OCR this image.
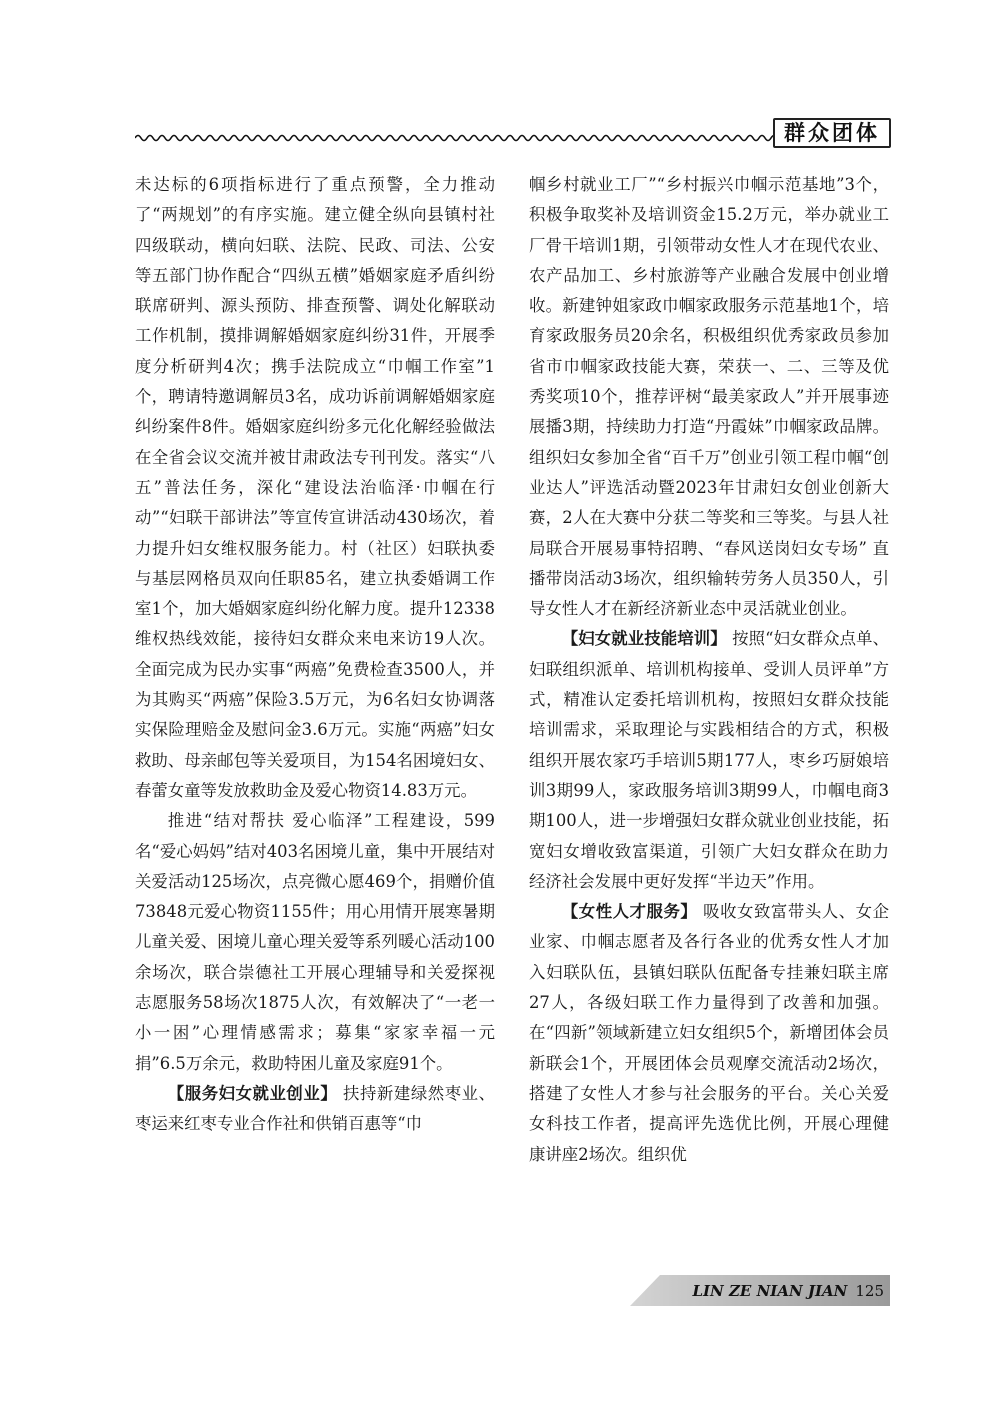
群众团体

未达标的6项指标进行了重点预警，全力推动了“两规划”的有序实施。建立健全纵向县镇村社四级联动，横向妇联、法院、民政、司法、公安等五部门协作配合“四纵五横”婚姻家庭矛盾纠纷联席研判、源头预防、排查预警、调处化解联动工作机制，摸排调解婚姻家庭纠纷31件，开展季度分析研判4次；携手法院成立“巾帼工作室”1个，聘请特邀调解员3名，成功诉前调解婚姻家庭纠纷案件8件。婚姻家庭纠纷多元化化解经验做法在全省会议交流并被甘肃政法专刊刊发。落实“八五”普法任务，深化“建设法治临泽·巾帼在行动”“妇联干部讲法”等宣传宣讲活动430场次，着力提升妇女维权服务能力。村（社区）妇联执委与基层网格员双向任职85名，建立执委婚调工作室1个，加大婚姻家庭纠纷化解力度。提升12338维权热线效能，接待妇女群众来电来访19人次。全面完成为民办实事“两癌”免费检查3500人，并为其购买“两癌”保险3.5万元，为6名妇女协调落实保险理赔金及慰问金3.6万元。实施“两癌”妇女救助、母亲邮包等关爱项目，为154名困境妇女、春蕾女童等发放救助金及爱心物资14.83万元。

推进“结对帮扶 爱心临泽”工程建设，599名“爱心妈妈”结对403名困境儿童，集中开展结对关爱活动125场次，点亮微心愿469个，捐赠价值73848元爱心物资1155件；用心用情开展寒暑期儿童关爱、困境儿童心理关爱等系列暖心活动100余场次，联合崇德社工开展心理辅导和关爱探视志愿服务58场次1875人次，有效解决了“一老一小一困”心理情感需求；募集“家家幸福一元捐”6.5万余元，救助特困儿童及家庭91个。

【服务妇女就业创业】 扶持新建绿然枣业、枣运来红枣专业合作社和供销百惠等“巾

帼乡村就业工厂”“乡村振兴巾帼示范基地”3个，积极争取奖补及培训资金15.2万元，举办就业工厂骨干培训1期，引领带动女性人才在现代农业、农产品加工、乡村旅游等产业融合发展中创业增收。新建钟姐家政巾帼家政服务示范基地1个，培育家政服务员20余名，积极组织优秀家政员参加省市巾帼家政技能大赛，荣获一、二、三等及优秀奖项10个，推荐评树“最美家政人”并开展事迹展播3期，持续助力打造“丹霞妹”巾帼家政品牌。组织妇女参加全省“百千万”创业引领工程巾帼“创业达人”评选活动暨2023年甘肃妇女创业创新大赛，2人在大赛中分获二等奖和三等奖。与县人社局联合开展易事特招聘、“春风送岗妇女专场” 直播带岗活动3场次，组织输转劳务人员350人，引导女性人才在新经济新业态中灵活就业创业。

【妇女就业技能培训】 按照“妇女群众点单、妇联组织派单、培训机构接单、受训人员评单”方式，精准认定委托培训机构，按照妇女群众技能培训需求，采取理论与实践相结合的方式，积极组织开展农家巧手培训5期177人，枣乡巧厨娘培训3期99人，家政服务培训3期99人，巾帼电商3期100人，进一步增强妇女群众就业创业技能，拓宽妇女增收致富渠道，引领广大妇女群众在助力经济社会发展中更好发挥“半边天”作用。

【女性人才服务】 吸收女致富带头人、女企业家、巾帼志愿者及各行各业的优秀女性人才加入妇联队伍，县镇妇联队伍配备专挂兼妇联主席27人，各级妇联工作力量得到了改善和加强。在“四新”领域新建立妇女组织5个，新增团体会员新联会1个，开展团体会员观摩交流活动2场次，搭建了女性人才参与社会服务的平台。关心关爱女科技工作者，提高评先选优比例，开展心理健康讲座2场次。组织优

LIN ZE NIAN JIAN 125
